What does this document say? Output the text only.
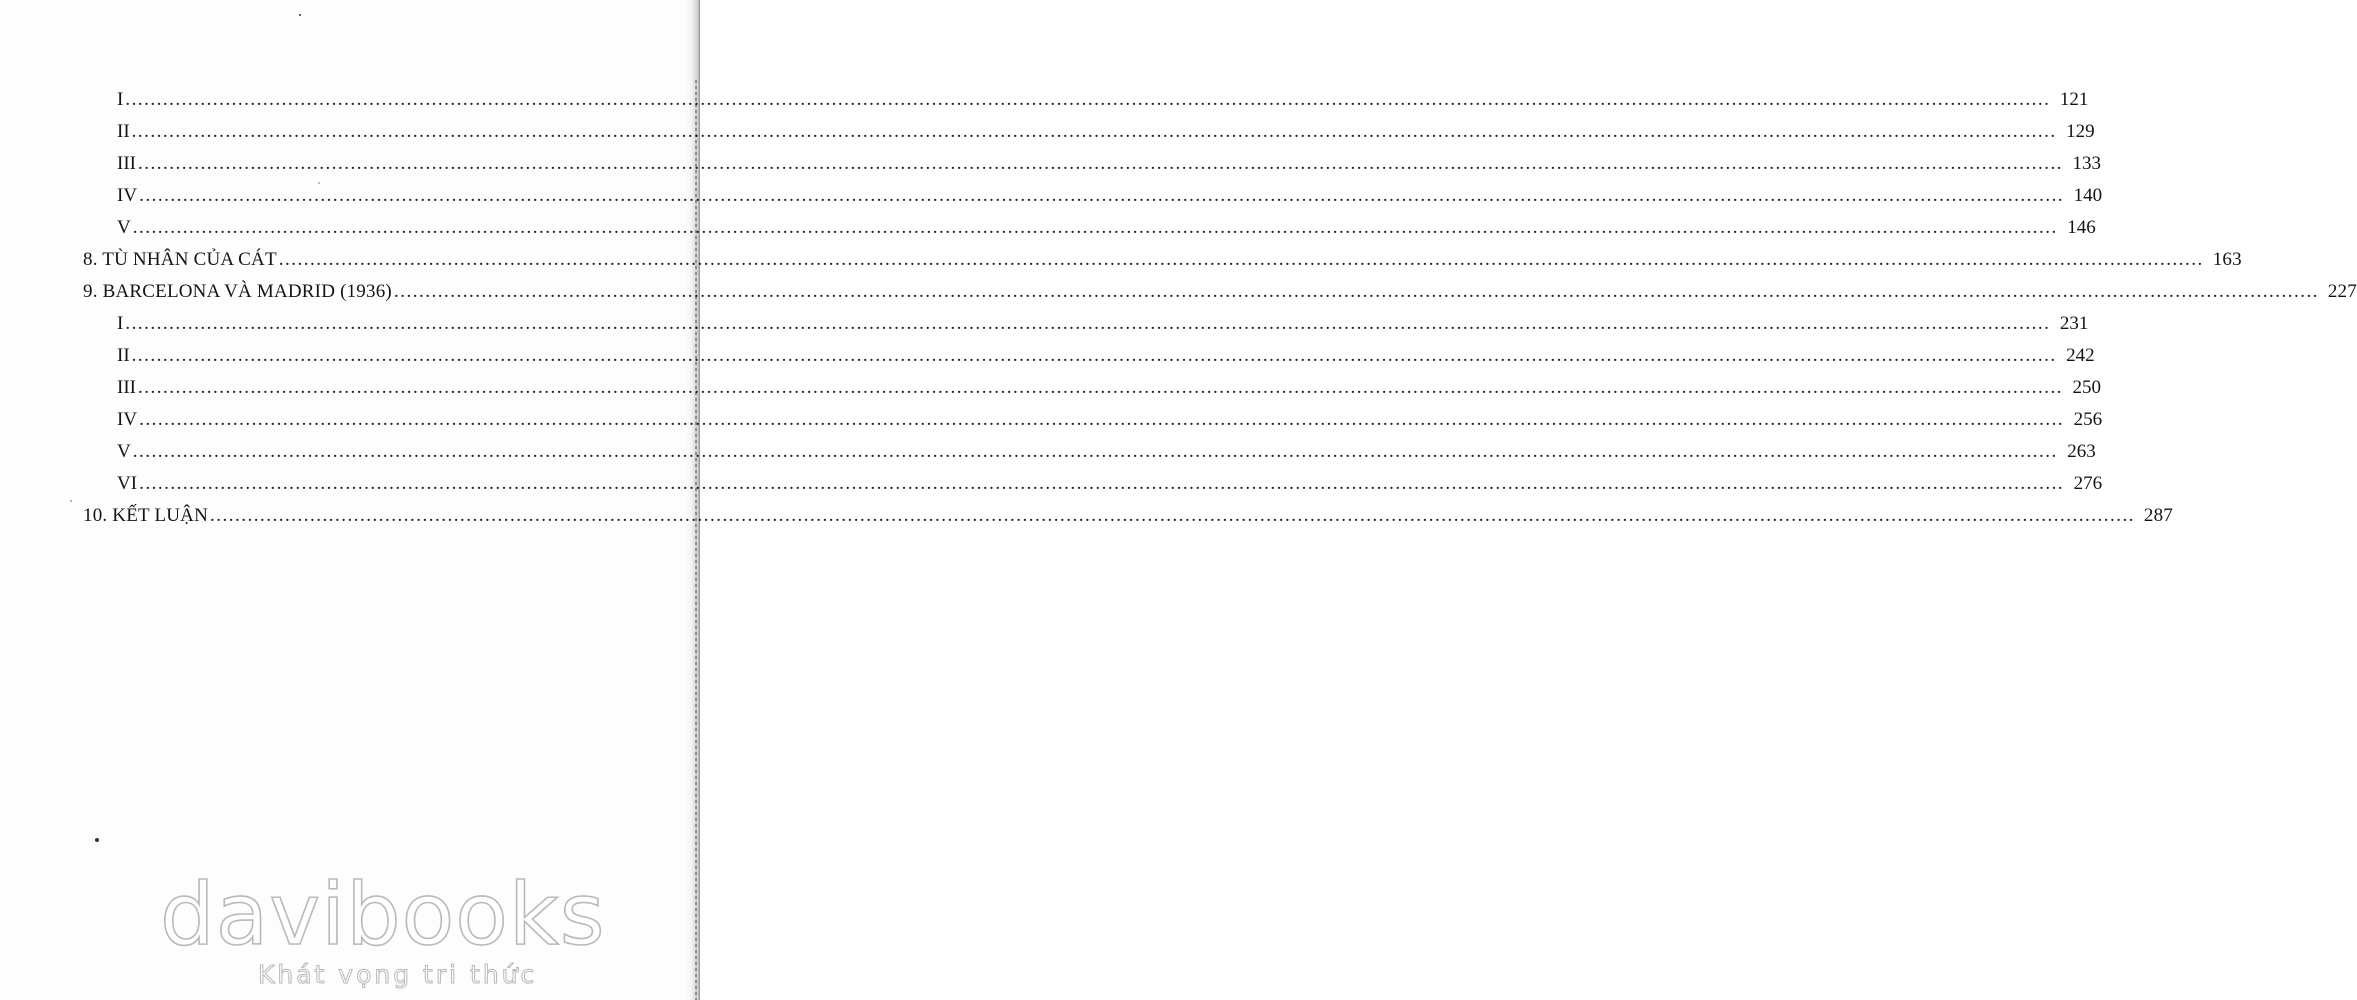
I .....	121
II .....	129
III .....	133
IV .....	140
V .....	146
8. TÙ NHÂN CỦA CÁT .....	163
9. BARCELONA VÀ MADRID (1936) .....	227
I .....	231
II .....	242
III .....	250
IV .....	256
V .....	263
VI .....	276
10. KẾT LUẬN .....	287
davibooks
Khát vọng tri thức
